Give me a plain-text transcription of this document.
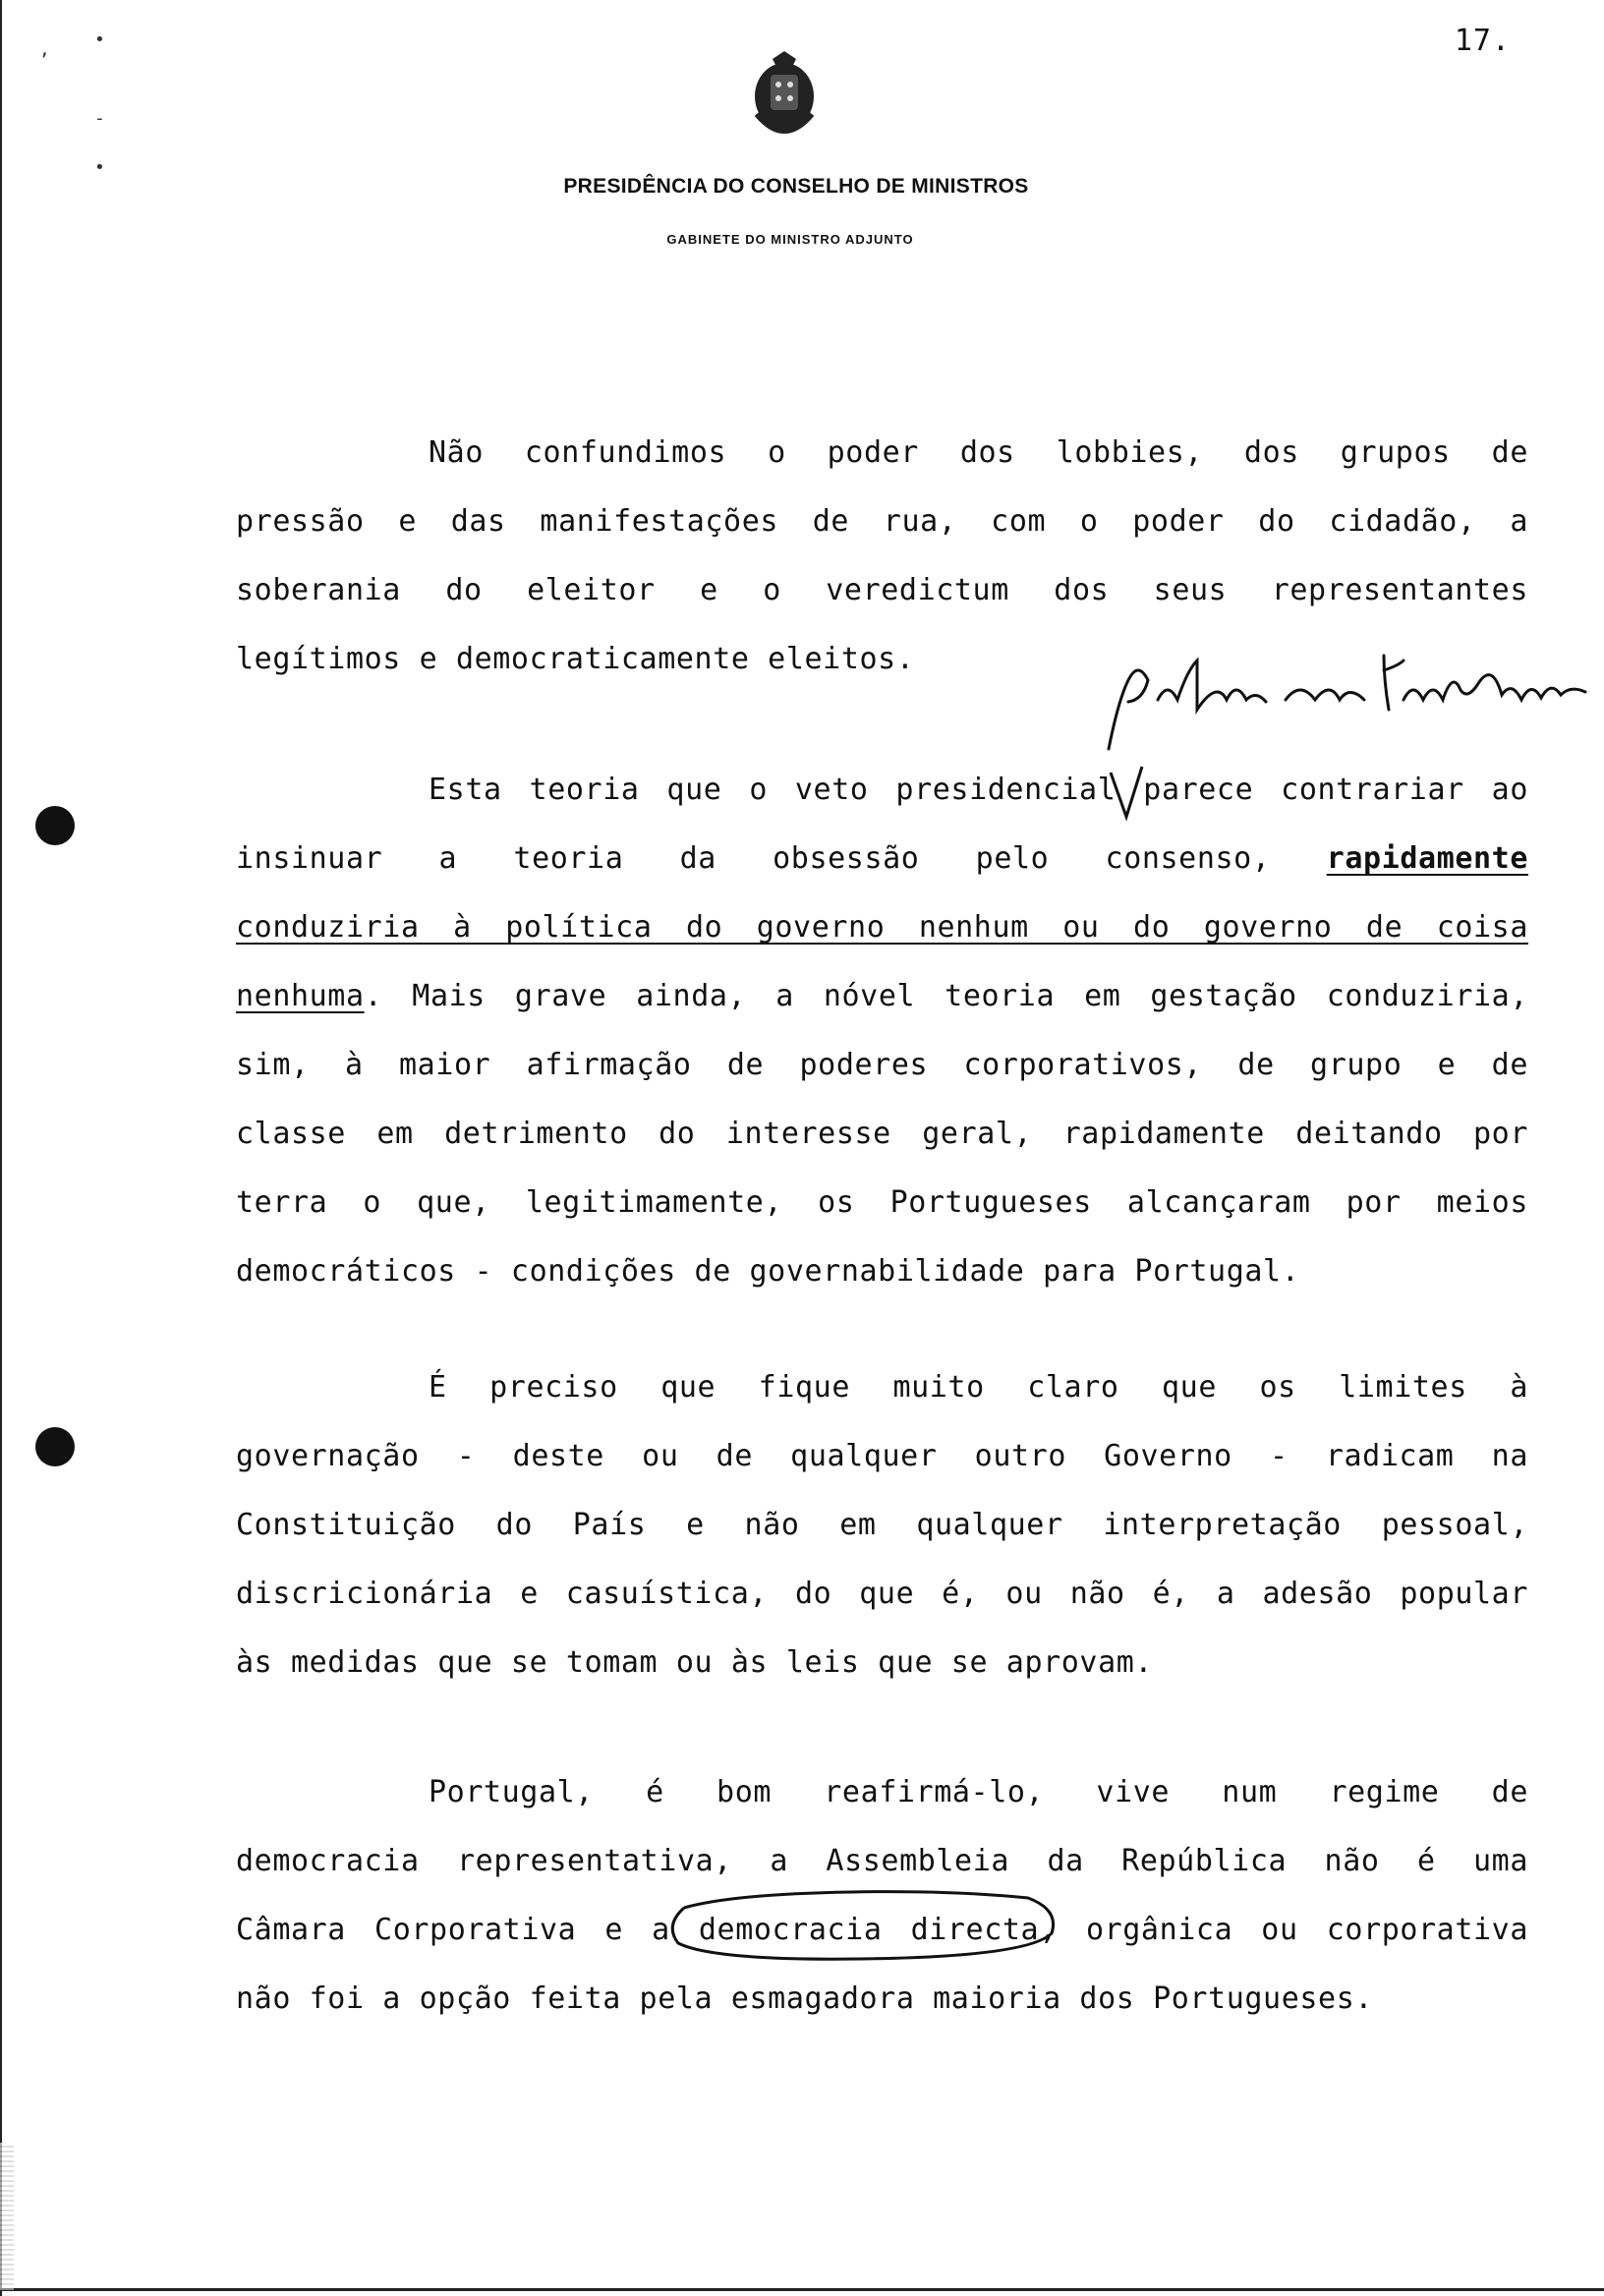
,	•
-
•
17.
PRESIDÊNCIA DO CONSELHO DE MINISTROS
GABINETE DO MINISTRO ADJUNTO
Não confundimos o poder dos lobbies, dos grupos de
pressão e das manifestações de rua, com o poder do cidadão, a
soberania do eleitor e o veredictum dos seus representantes
legítimos e democraticamente eleitos.
Esta teoria que o veto presidencial parece contrariar ao
insinuar a teoria da obsessão pelo consenso, rapidamente
conduziria à política do governo nenhum ou do governo de coisa
nenhuma. Mais grave ainda, a nóvel teoria em gestação conduziria,
sim, à maior afirmação de poderes corporativos, de grupo e de
classe em detrimento do interesse geral, rapidamente deitando por
terra o que, legitimamente, os Portugueses alcançaram por meios
democráticos - condições de governabilidade para Portugal.
É preciso que fique muito claro que os limites à
governação - deste ou de qualquer outro Governo - radicam na
Constituição do País e não em qualquer interpretação pessoal,
discricionária e casuística, do que é, ou não é, a adesão popular
às medidas que se tomam ou às leis que se aprovam.
Portugal, é bom reafirmá-lo, vive num regime de
democracia representativa, a Assembleia da República não é uma
Câmara Corporativa e a democracia directa, orgânica ou corporativa
não foi a opção feita pela esmagadora maioria dos Portugueses.
